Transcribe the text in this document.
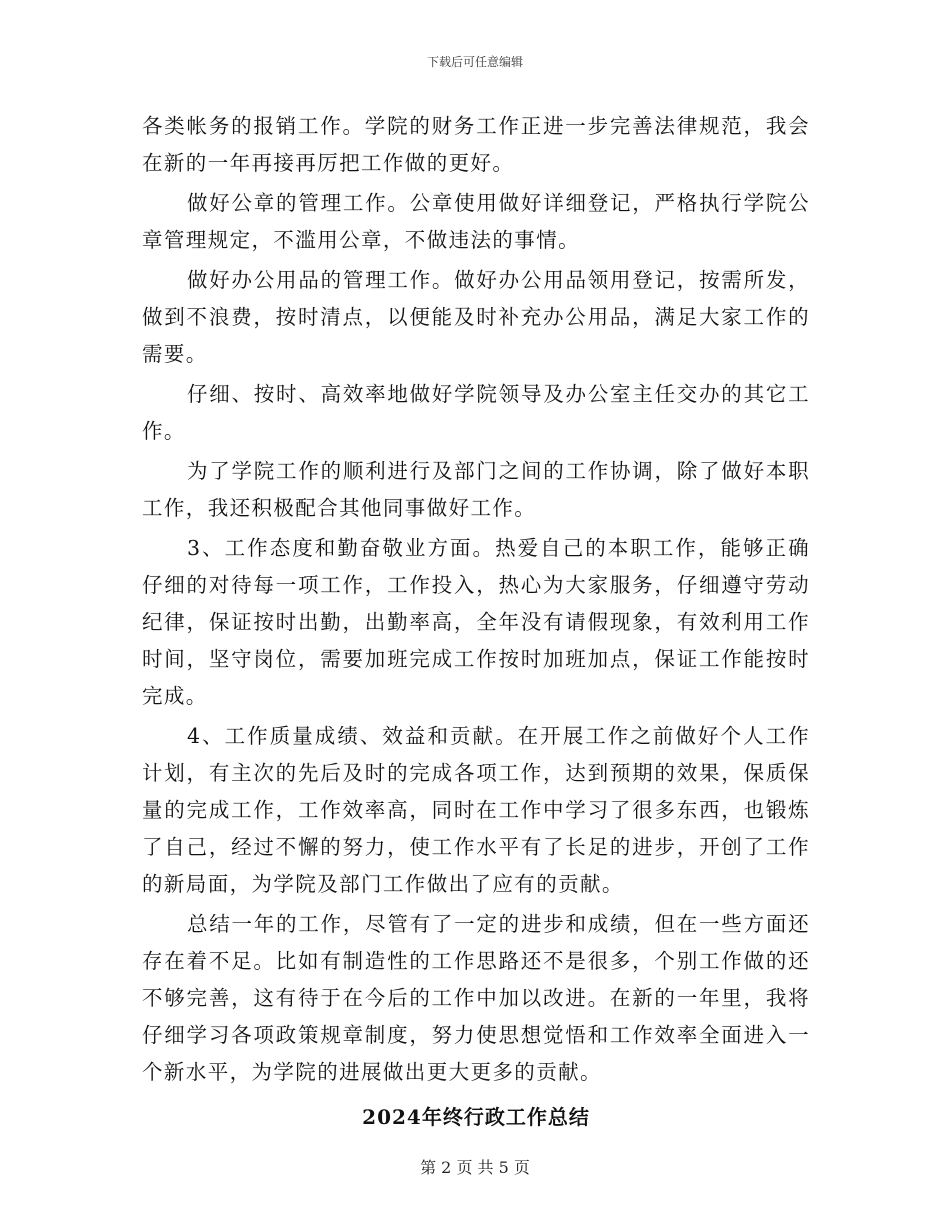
下载后可任意编辑

各类帐务的报销工作。学院的财务工作正进一步完善法律规范，我会在新的一年再接再厉把工作做的更好。

做好公章的管理工作。公章使用做好详细登记，严格执行学院公章管理规定，不滥用公章，不做违法的事情。

做好办公用品的管理工作。做好办公用品领用登记，按需所发，做到不浪费，按时清点，以便能及时补充办公用品，满足大家工作的需要。

仔细、按时、高效率地做好学院领导及办公室主任交办的其它工作。

为了学院工作的顺利进行及部门之间的工作协调，除了做好本职工作，我还积极配合其他同事做好工作。

3、工作态度和勤奋敬业方面。热爱自己的本职工作，能够正确仔细的对待每一项工作，工作投入，热心为大家服务，仔细遵守劳动纪律，保证按时出勤，出勤率高，全年没有请假现象，有效利用工作时间，坚守岗位，需要加班完成工作按时加班加点，保证工作能按时完成。

4、工作质量成绩、效益和贡献。在开展工作之前做好个人工作计划，有主次的先后及时的完成各项工作，达到预期的效果，保质保量的完成工作，工作效率高，同时在工作中学习了很多东西，也锻炼了自己，经过不懈的努力，使工作水平有了长足的进步，开创了工作的新局面，为学院及部门工作做出了应有的贡献。

总结一年的工作，尽管有了一定的进步和成绩，但在一些方面还存在着不足。比如有制造性的工作思路还不是很多，个别工作做的还不够完善，这有待于在今后的工作中加以改进。在新的一年里，我将仔细学习各项政策规章制度，努力使思想觉悟和工作效率全面进入一个新水平，为学院的进展做出更大更多的贡献。

2024年终行政工作总结
第 2 页 共 5 页
